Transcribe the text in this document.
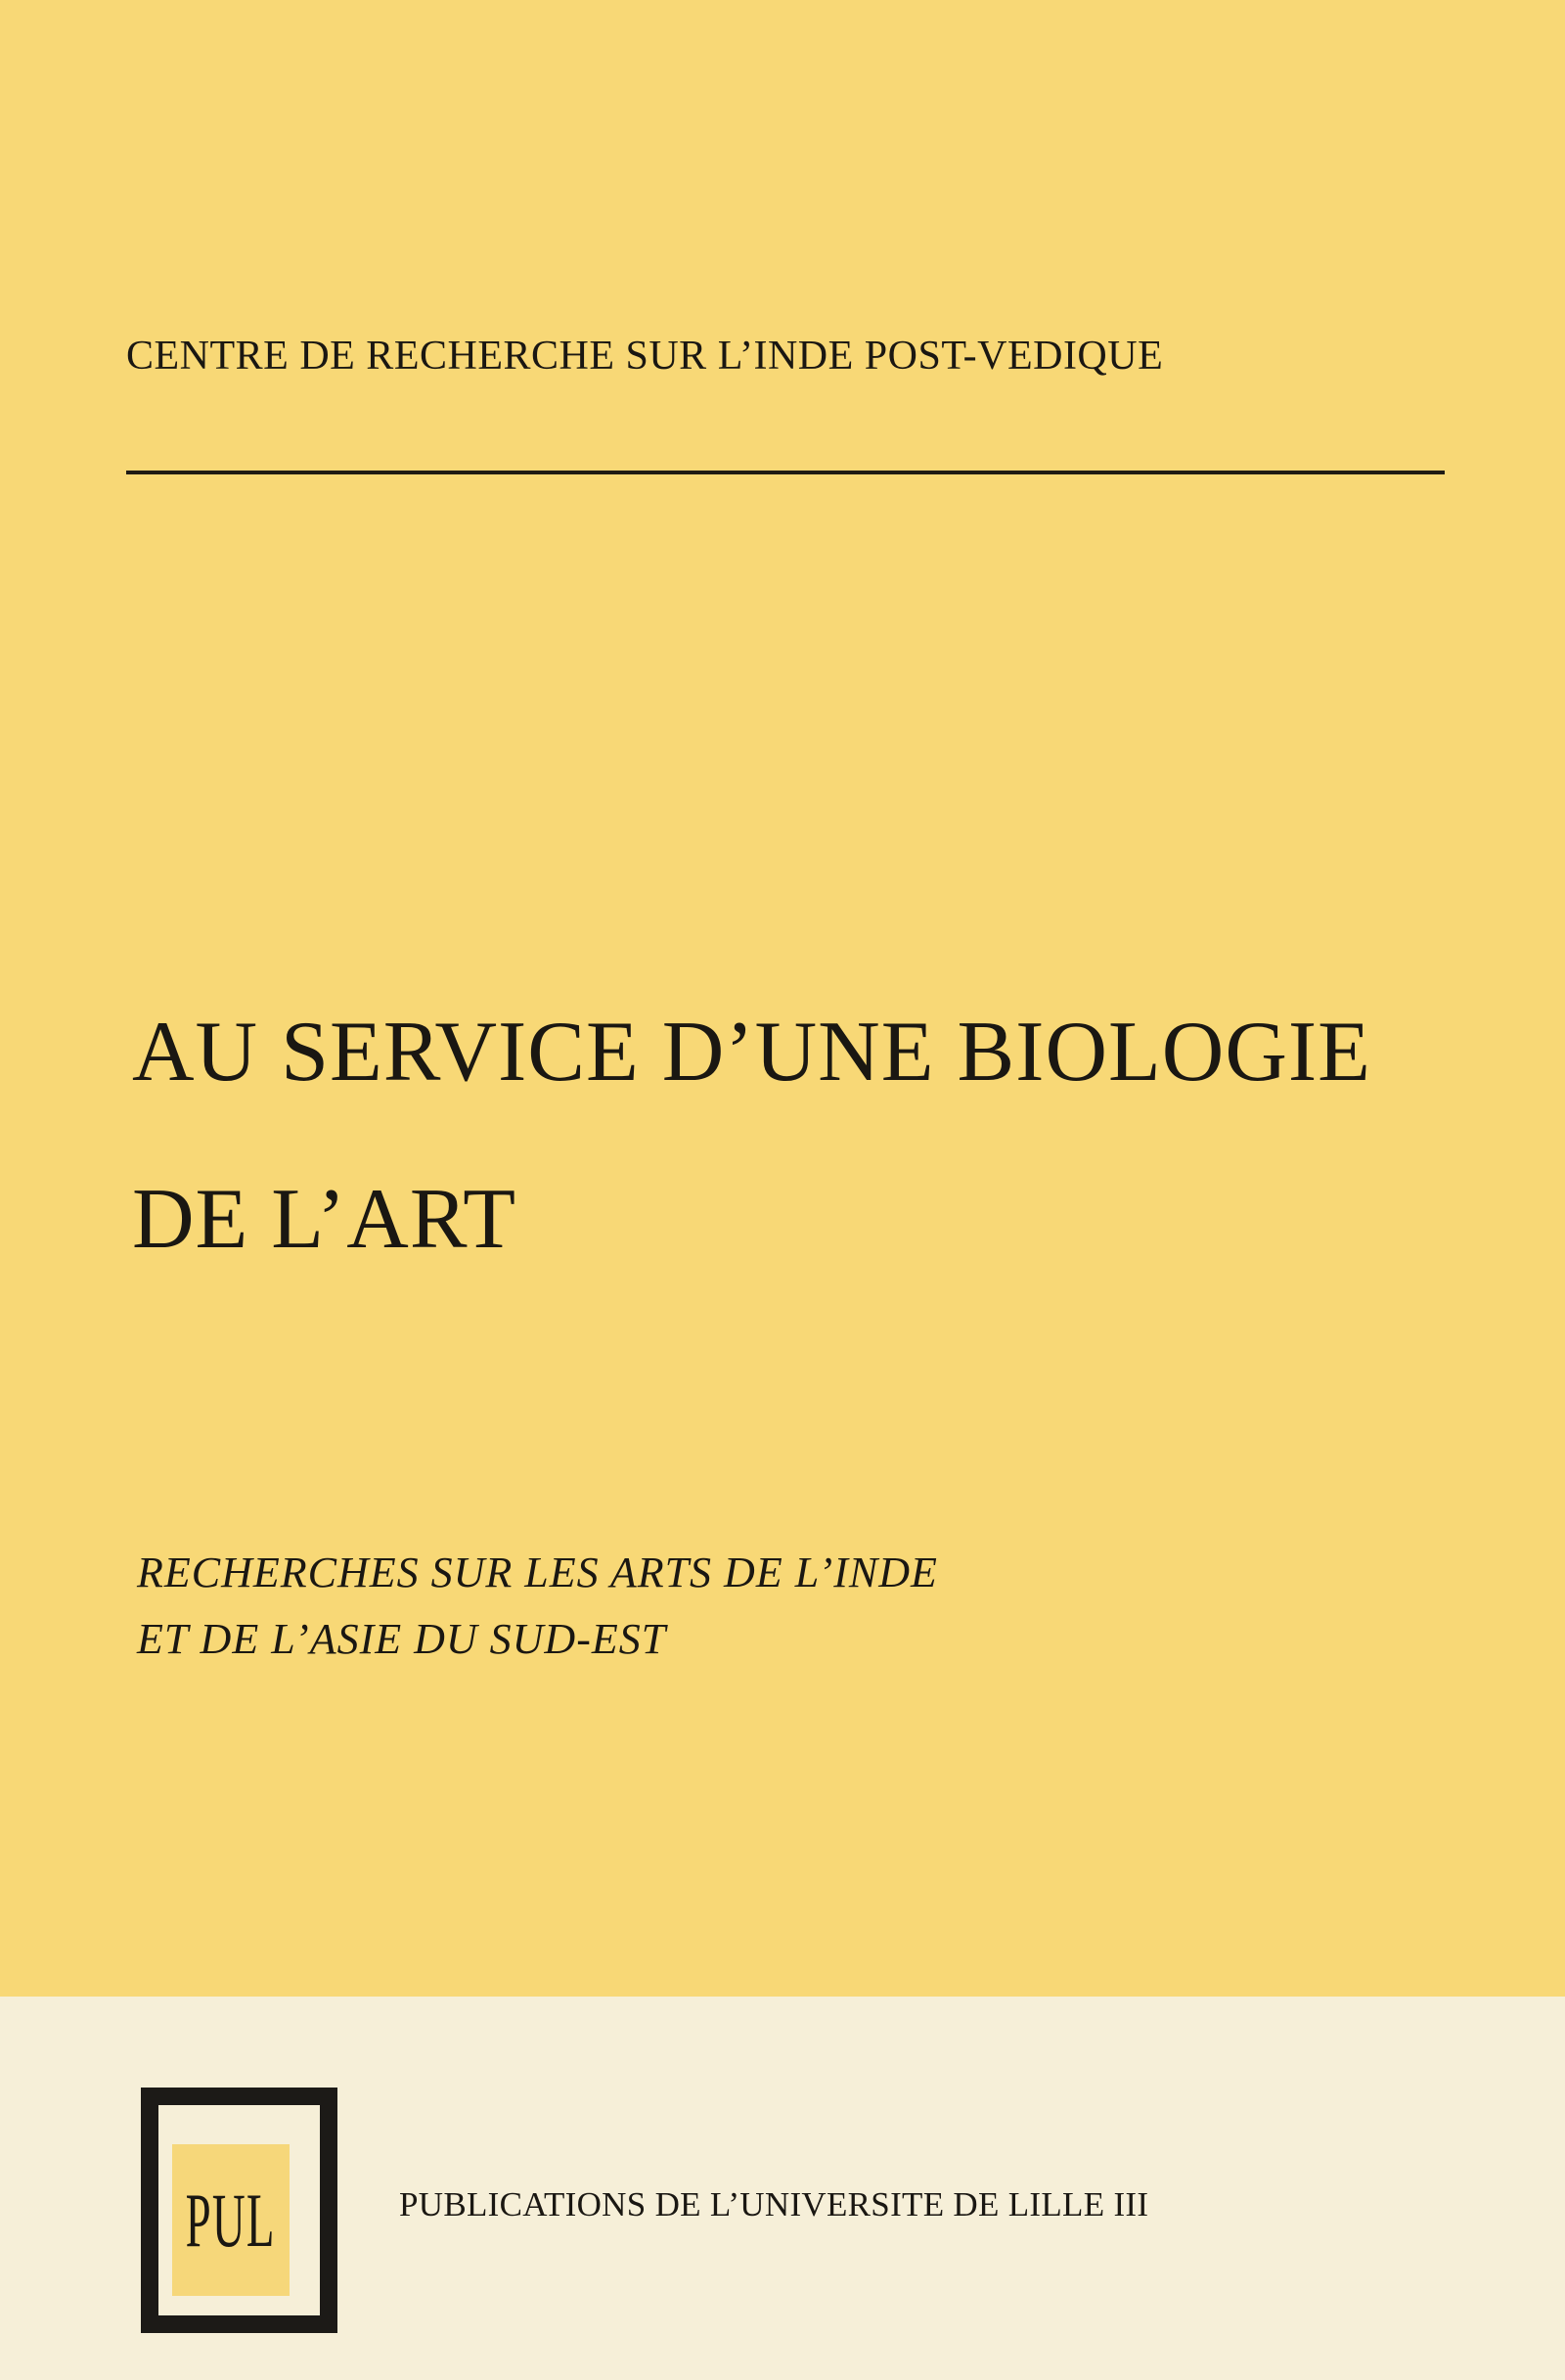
CENTRE DE RECHERCHE SUR L’INDE POST-VEDIQUE
AU SERVICE D’UNE BIOLOGIE
DE L’ART
RECHERCHES SUR LES ARTS DE L’INDE
ET DE L’ASIE DU SUD-EST
PUL	PUBLICATIONS DE L’UNIVERSITE DE LILLE III
